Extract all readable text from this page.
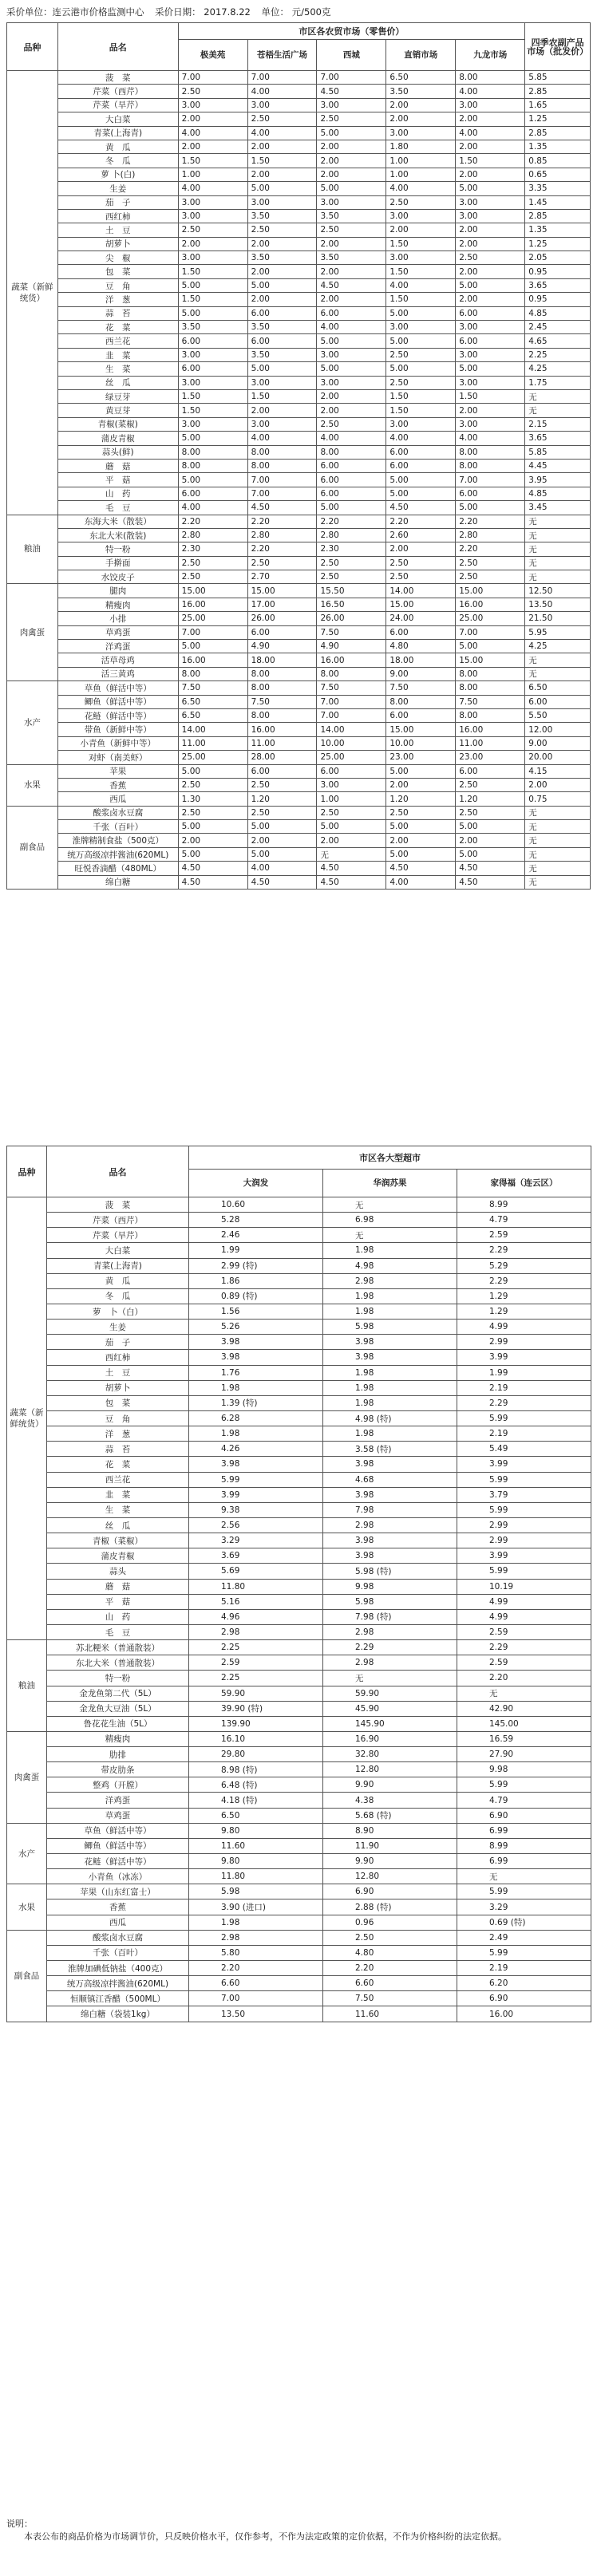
采价单位：连云港市价格监测中心 采价日期： 2017.8.22 单位： 元/500克
品种	品名	市区各农贸市场（零售价）					四季农副产品市场（批发价）
		极美苑	苍梧生活广场	西城	直销市场	九龙市场	
蔬菜（新鲜统货）	菠　菜	7.00	7.00	7.00	6.50	8.00	5.85
	芹菜（西芹）	2.50	4.00	4.50	3.50	4.00	2.85
	芹菜（旱芹）	3.00	3.00	3.00	2.00	3.00	1.65
	大白菜	2.00	2.50	2.50	2.00	2.00	1.25
	青菜(上海青)	4.00	4.00	5.00	3.00	4.00	2.85
	黄　瓜	2.00	2.00	2.00	1.80	2.00	1.35
	冬　瓜	1.50	1.50	2.00	1.00	1.50	0.85
	萝 卜(白)	1.00	2.00	2.00	1.00	2.00	0.65
	生姜	4.00	5.00	5.00	4.00	5.00	3.35
	茄　子	3.00	3.00	3.00	2.50	3.00	1.45
	西红柿	3.00	3.50	3.50	3.00	3.00	2.85
	土　豆	2.50	2.50	2.50	2.00	2.00	1.35
	胡萝卜	2.00	2.00	2.00	1.50	2.00	1.25
	尖　椒	3.00	3.50	3.50	3.00	2.50	2.05
	包　菜	1.50	2.00	2.00	1.50	2.00	0.95
	豆　角	5.00	5.00	4.50	4.00	5.00	3.65
	洋　葱	1.50	2.00	2.00	1.50	2.00	0.95
	蒜　苔	5.00	6.00	6.00	5.00	6.00	4.85
	花　菜	3.50	3.50	4.00	3.00	3.00	2.45
	西兰花	6.00	6.00	5.00	5.00	6.00	4.65
	韭　菜	3.00	3.50	3.00	2.50	3.00	2.25
	生　菜	6.00	5.00	5.00	5.00	5.00	4.25
	丝　瓜	3.00	3.00	3.00	2.50	3.00	1.75
	绿豆芽	1.50	1.50	2.00	1.50	1.50	无
	黄豆芽	1.50	2.00	2.00	1.50	2.00	无
	青椒(菜椒)	3.00	3.00	2.50	3.00	3.00	2.15
	蒲皮青椒	5.00	4.00	4.00	4.00	4.00	3.65
	蒜头(鲜)	8.00	8.00	8.00	6.00	8.00	5.85
	蘑　菇	8.00	8.00	6.00	6.00	8.00	4.45
	平　菇	5.00	7.00	6.00	5.00	7.00	3.95
	山　药	6.00	7.00	6.00	5.00	6.00	4.85
	毛　豆	4.00	4.50	5.00	4.50	5.00	3.45
粮油	东海大米（散装）	2.20	2.20	2.20	2.20	2.20	无
	东北大米(散装)	2.80	2.80	2.80	2.60	2.80	无
	特一粉	2.30	2.20	2.30	2.00	2.20	无
	手擀面	2.50	2.50	2.50	2.50	2.50	无
	水饺皮子	2.50	2.70	2.50	2.50	2.50	无
肉禽蛋	腿肉	15.00	15.00	15.50	14.00	15.00	12.50
	精瘦肉	16.00	17.00	16.50	15.00	16.00	13.50
	小排	25.00	26.00	26.00	24.00	25.00	21.50
	草鸡蛋	7.00	6.00	7.50	6.00	7.00	5.95
	洋鸡蛋	5.00	4.90	4.90	4.80	5.00	4.25
	活草母鸡	16.00	18.00	16.00	18.00	15.00	无
	活三黄鸡	8.00	8.00	8.00	9.00	8.00	无
水产	草鱼（鲜活中等）	7.50	8.00	7.50	7.50	8.00	6.50
	鲫鱼（鲜活中等）	6.50	7.50	7.00	8.00	7.50	6.00
	花鲢（鲜活中等）	6.50	8.00	7.00	6.00	8.00	5.50
	带鱼（新鲜中等）	14.00	16.00	14.00	15.00	16.00	12.00
	小青鱼（新鲜中等）	11.00	11.00	10.00	10.00	11.00	9.00
	对虾（南美虾）	25.00	28.00	25.00	23.00	23.00	20.00
水果	苹果	5.00	6.00	6.00	5.00	6.00	4.15
	香蕉	2.50	2.50	3.00	2.00	2.50	2.00
	西瓜	1.30	1.20	1.00	1.20	1.20	0.75
副食品	酸浆卤水豆腐	2.50	2.50	2.50	2.50	2.50	无
	千张（百叶）	5.00	5.00	5.00	5.00	5.00	无
	淮牌精制食盐（500克）	2.00	2.00	2.00	2.00	2.00	无
	统万高级凉拌酱油(620ML)	5.00	5.00	无	5.00	5.00	无
	旺悦香滴醋（480ML）	4.50	4.00	4.50	4.50	4.50	无
	绵白糖	4.50	4.50	4.50	4.00	4.50	无
品种	品名	市区各大型超市		
		大润发	华润苏果	家得福（连云区）
蔬菜（新鲜统货）	菠　菜	10.60	无	8.99
	芹菜（西芹）	5.28	6.98	4.79
	芹菜（旱芹）	2.46	无	2.59
	大白菜	1.99	1.98	2.29
	青菜(上海青)	2.99 (特)	4.98	5.29
	黄　瓜	1.86	2.98	2.29
	冬　瓜	0.89 (特)	1.98	1.29
	萝　卜（白）	1.56	1.98	1.29
	生姜	5.26	5.98	4.99
	茄　子	3.98	3.98	2.99
	西红柿	3.98	3.98	3.99
	土　豆	1.76	1.98	1.99
	胡萝卜	1.98	1.98	2.19
	包　菜	1.39 (特)	1.98	2.29
	豆　角	6.28	4.98 (特)	5.99
	洋　葱	1.98	1.98	2.19
	蒜　苔	4.26	3.58 (特)	5.49
	花　菜	3.98	3.98	3.99
	西兰花	5.99	4.68	5.99
	韭　菜	3.99	3.98	3.79
	生　菜	9.38	7.98	5.99
	丝　瓜	2.56	2.98	2.99
	青椒（菜椒）	3.29	3.98	2.99
	蒲皮青椒	3.69	3.98	3.99
	蒜头	5.69	5.98 (特)	5.99
	蘑　菇	11.80	9.98	10.19
	平　菇	5.16	5.98	4.99
	山　药	4.96	7.98 (特)	4.99
	毛　豆	2.98	2.98	2.59
粮油	苏北粳米（普通散装）	2.25	2.29	2.29
	东北大米（普通散装）	2.59	2.98	2.59
	特一粉	2.25	无	2.20
	金龙鱼第二代（5L）	59.90	59.90	无
	金龙鱼大豆油（5L）	39.90 (特)	45.90	42.90
	鲁花花生油（5L）	139.90	145.90	145.00
肉禽蛋	精瘦肉	16.10	16.90	16.59
	肋排	29.80	32.80	27.90
	带皮肋条	8.98 (特)	12.80	9.98
	整鸡（开膛）	6.48 (特)	9.90	5.99
	洋鸡蛋	4.18 (特)	4.38	4.79
	草鸡蛋	6.50	5.68 (特)	6.90
水产	草鱼（鲜活中等）	9.80	8.90	6.99
	鲫鱼（鲜活中等）	11.60	11.90	8.99
	花鲢（鲜活中等）	9.80	9.90	6.99
	小青鱼（冰冻）	11.80	12.80	无
水果	苹果（山东红富士）	5.98	6.90	5.99
	香蕉	3.90 (进口)	2.88 (特)	3.29
	西瓜	1.98	0.96	0.69 (特)
副食品	酸浆卤水豆腐	2.98	2.50	2.49
	千张（百叶）	5.80	4.80	5.99
	淮牌加碘低钠盐（400克）	2.20	2.20	2.19
	统万高级凉拌酱油(620ML)	6.60	6.60	6.20
	恒顺镇江香醋（500ML）	7.00	7.50	6.90
	绵白糖（袋装1kg）	13.50	11.60	16.00

说明：

本表公布的商品价格为市场调节价，只反映价格水平，仅作参考，不作为法定政策的定价依据，不作为价格纠纷的法定依据。
